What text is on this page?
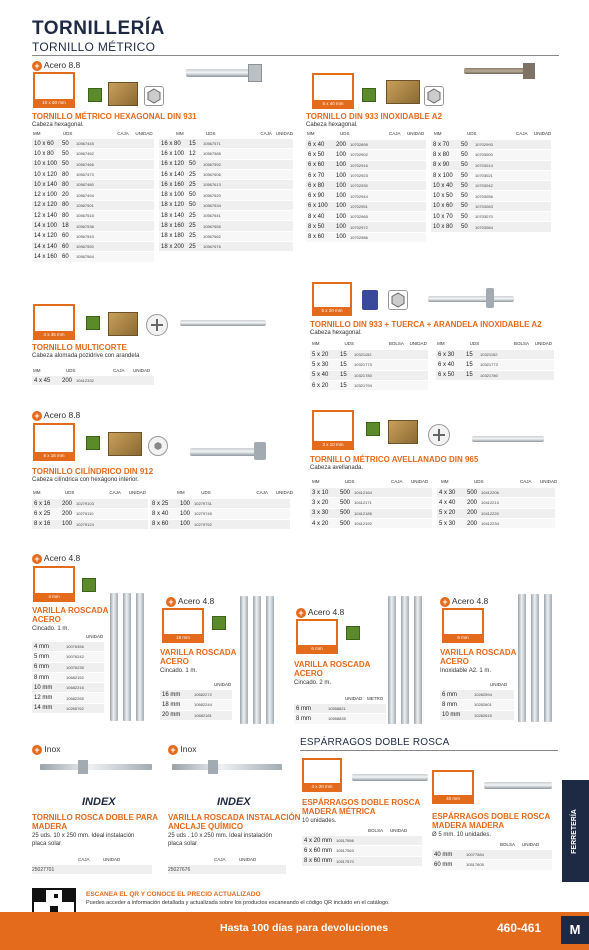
TORNILLERÍA
TORNILLO MÉTRICO
+ Acero 8.8
10 x 60 mm
TORNILLO MÉTRICO HEXAGONAL DIN 931
Cabeza hexagonal.
MM	UDS	CAJA	UNIDAD	MM	UDS	CAJA UNIDAD
10 x 60	50	10567445
10 x 80	50	10567452
10 x 100 50	10567466
10 x 120 80	10567473
10 x 140 80	10567480
12 x 100 20	10567494
12 x 120 80	10567501
12 x 140 80	10567515
14 x 100 18	10567536
14 x 120 60	10567543
14 x 140 60	10567550
14 x 160 60	10567564
16 x 80	15	10567571
16 x 100 12	10567585
16 x 120 50	10567592
16 x 140 25	10567606
16 x 160 25	10567613
18 x 100 50	10567620
18 x 120 50	10567634
18 x 140 25	10567641
18 x 160 25	10567655
18 x 180 25	10567662
18 x 200 25	10567676
6 x 40 mm
TORNILLO DIN 933 INOXIDABLE A2
Cabeza hexagonal.
MM	UDS	CAJA	UNIDAD	MM	UDS	CAJA	UNIDAD
6 x 40	200 10702895
6 x 50	100 10702902
6 x 60	100 10702916
6 x 70	100 10702923
6 x 80	100 10702930
6 x 90	100 10702944
6 x 100	100 10702951
8 x 40	100 10702965
8 x 50	100 10702972
8 x 60	100 10702986
8 x 70	50	10702993
8 x 80	50	10703000
8 x 90	50	10703014
8 x 100	50	10703021
10 x 40	50	10703042
10 x 50	50	10703056
10 x 60	50	10703063
10 x 70	50	10703070
10 x 80	50	10703084
5 x 20 mm
TORNILLO DIN 933 + TUERCA + ARANDELA INOXIDABLE A2
Cabeza hexagonal.
MM	UDS	BOLSA	UNIDAD	MM	UDS	BOLSA	UNIDAD
5 x 20	15	10321152
5 x 30	15	10321773
5 x 40	15	10321780
6 x 20	15	10321794
6 x 30	15	10321152
6 x 40	15	10321773
6 x 50	15	10321780
4 x 45 mm
TORNILLO MULTICORTE
Cabeza alomada pozidrive con arandela
MM	UDS	CAJA	UNIDAD
4 x 45	200 10412332
+ Acero 8.8
6 x 16 mm
TORNILLO CILÍNDRICO DIN 912
Cabeza cilíndrica con hexágono interior.
MM	UDS	CAJA	UNIDAD	MM	UDS	CAJA	UNIDAD
6 x 16	200 10279103
6 x 25	200 10279110
8 x 16	100 10279124
8 x 25	100 10279731
8 x 40	100 10279745
8 x 60	100 10279752
3 x 10 mm
TORNILLO MÉTRICO AVELLANADO DIN 965
Cabeza avellanada.
MM	UDS	CAJA	UNIDAD	MM	UDS	CAJA	UNIDAD
3 x 10	500 10412164
3 x 20	500 10412171
3 x 30	500 10412185
4 x 20	500 10412192
4 x 30	500 10412206
4 x 40	200 10412213
5 x 20	200 10412220
5 x 30	200 10412234
+ Acero 4.8
4 mm
VARILLA ROSCADA
ACERO
Cincado. 1 m.
UNIDAD
4 mm	10076356
5 mm	10076242
6 mm	10076235
8 mm	10682152
10 mm	10682216
12 mm	10682265
14 mm	10265762
+ Acero 4.8
16 mm
VARILLA ROSCADA
ACERO
Cincado. 1 m.
UNIDAD
16 mm	10682272
18 mm	10682244
20 mm	10682181
+ Acero 4.8
6 mm
VARILLA ROSCADA
ACERO
Cincado. 2 m.
UNIDAD	METRO
6 mm	10558821
8 mm	10558835
+ Acero 4.8
6 mm
VARILLA ROSCADA
ACERO
Inoxidable A2. 1 m.
UNIDAD
6 mm	10282594
8 mm	10282601
10 mm	10282615
+ Inox
INDEX
TORNILLO ROSCA DOBLE PARA
MADERA
25 uds. 10 x 250 mm. Ideal instalación
placa solar
CAJA	UNIDAD
25027701
+ Inox
INDEX
VARILLA ROSCADA INSTALACIÓN
ANCLAJE QUÍMICO
25 uds . 10 x 250 mm. Ideal instalación
placa solar
CAJA	UNIDAD
25027676
ESPÁRRAGOS DOBLE ROSCA
4 x 20 mm
ESPÁRRAGOS DOBLE ROSCA
MADERA MÉTRICA
10 unidades.
BOLSA	UNIDAD
4 x 20 mm 10517556
6 x 60 mm 10517563
8 x 60 mm 10517570
40 mm
ESPÁRRAGOS DOBLE ROSCA
MADERA MADERA
Ø 5 mm. 10 unidades.
BOLSA	UNIDAD
40 mm	10077584
60 mm	10517605
FERRETERÍA
ESCANEA EL QR Y CONOCE EL PRECIO ACTUALIZADO
Puedes acceder a información detallada y actualizada sobre los productos escaneando el código QR incluido en el catálogo.
Hasta 100 días para devoluciones	460-461	M
